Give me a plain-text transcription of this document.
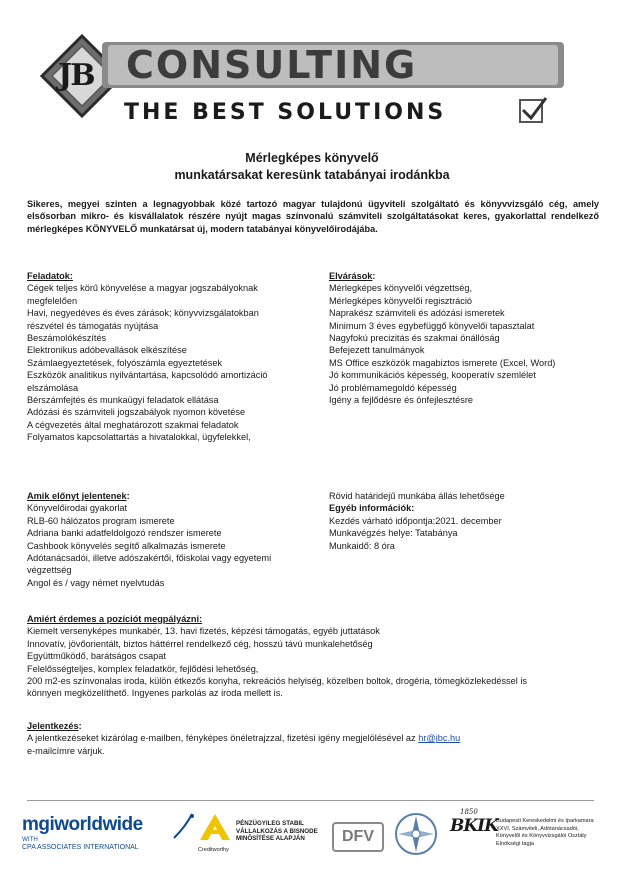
JB CONSULTING
THE BEST SOLUTIONS
Mérlegképes könyvelő
munkatársakat keresünk tatabányai irodánkba
Sikeres, megyei szinten a legnagyobbak közé tartozó magyar tulajdonú ügyviteli szolgáltató és könyvvizsgáló cég, amely elsősorban mikro- és kisvállalatok részére nyújt magas színvonalú számviteli szolgáltatásokat keres, gyakorlattal rendelkező mérlegképes KÖNYVELŐ munkatársat új, modern tatabányai könyvelőirodájába.
Feladatok:
Cégek teljes körű könyvelése a magyar jogszabályoknak
megfelelően
Havi, negyedéves és éves zárások; könyvvizsgálatokban
részvétel és támogatás nyújtása
Beszámolókészítés
Elektronikus adóbevallások elkészítése
Számlaegyeztetések, folyószámla egyeztetések
Eszközök analitikus nyilvántartása, kapcsolódó amortizáció
elszámolása
Bérszámfejtés és munkaügyi feladatok ellátása
Adózási és számviteli jogszabályok nyomon követése
A cégvezetés által meghatározott szakmai feladatok
Folyamatos kapcsolattartás a hivatalokkal, ügyfelekkel,
Elvárások:
Mérlegképes könyvelői végzettség,
Mérlegképes könyvelői regisztráció
Naprakész számviteli és adózási ismeretek
Minimum 3 éves egybefüggő könyvelői tapasztalat
Nagyfokú precizitás és szakmai önállóság
Befejezett tanulmányok
MS Office eszközök magabiztos ismerete (Excel, Word)
Jó kommunikációs képesség, kooperatív szemlélet
Jó problémamegoldó képesség
Igény a fejlődésre és önfejlesztésre
Amik előnyt jelentenek:
Könyvelőirodai gyakorlat
RLB-60 hálózatos program ismerete
Adriana banki adatfeldolgozó rendszer ismerete
Cashbook könyvelés segítő alkalmazás ismerete
Adótanácsadói, illetve adószakértői, főiskolai vagy egyetemi
végzettség
Angol és / vagy német nyelvtudás
Rövid határidejű munkába állás lehetősége
Egyéb információk:
Kezdés várható időpontja:2021. december
Munkavégzés helye: Tatabánya
Munkaidő: 8 óra
Amiért érdemes a pozíciót megpályázni:
Kiemelt versenyképes munkabér, 13. havi fizetés, képzési támogatás, egyéb juttatások
Innovatív, jövőorientált, biztos háttérrel rendelkező cég, hosszú távú munkalehetőség
Együttműködő, barátságos csapat
Felelősségteljes, komplex feladatkör, fejlődési lehetőség,
200 m2-es színvonalas iroda, külön étkezős konyha, rekreációs helyiség, közelben boltok, drogéria, tömegközlekedéssel is
könnyen megközelíthető. Ingyenes parkolás az iroda mellett is.
Jelentkezés:
A jelentkezéseket kizárólag e-mailben, fényképes önéletrajzzal, fizetési igény megjelölésével az hr@jbc.hu
e-mailcímre várjuk.
mgiworldwide
WITH
CPA ASSOCIATES INTERNATIONAL	Creditworthy
PÉNZÜGYILEG STABIL
VÁLLALKOZÁS A BISNODE
MINŐSÍTÉSE ALAPJÁN	DFV
1850
BKIK
Budapesti Kereskedelmi és Iparkamara
XXVI. Számviteli, Adótanácsadói,
Könyvelői és Könyvvizsgálói Osztály
Elnökségi tagja
